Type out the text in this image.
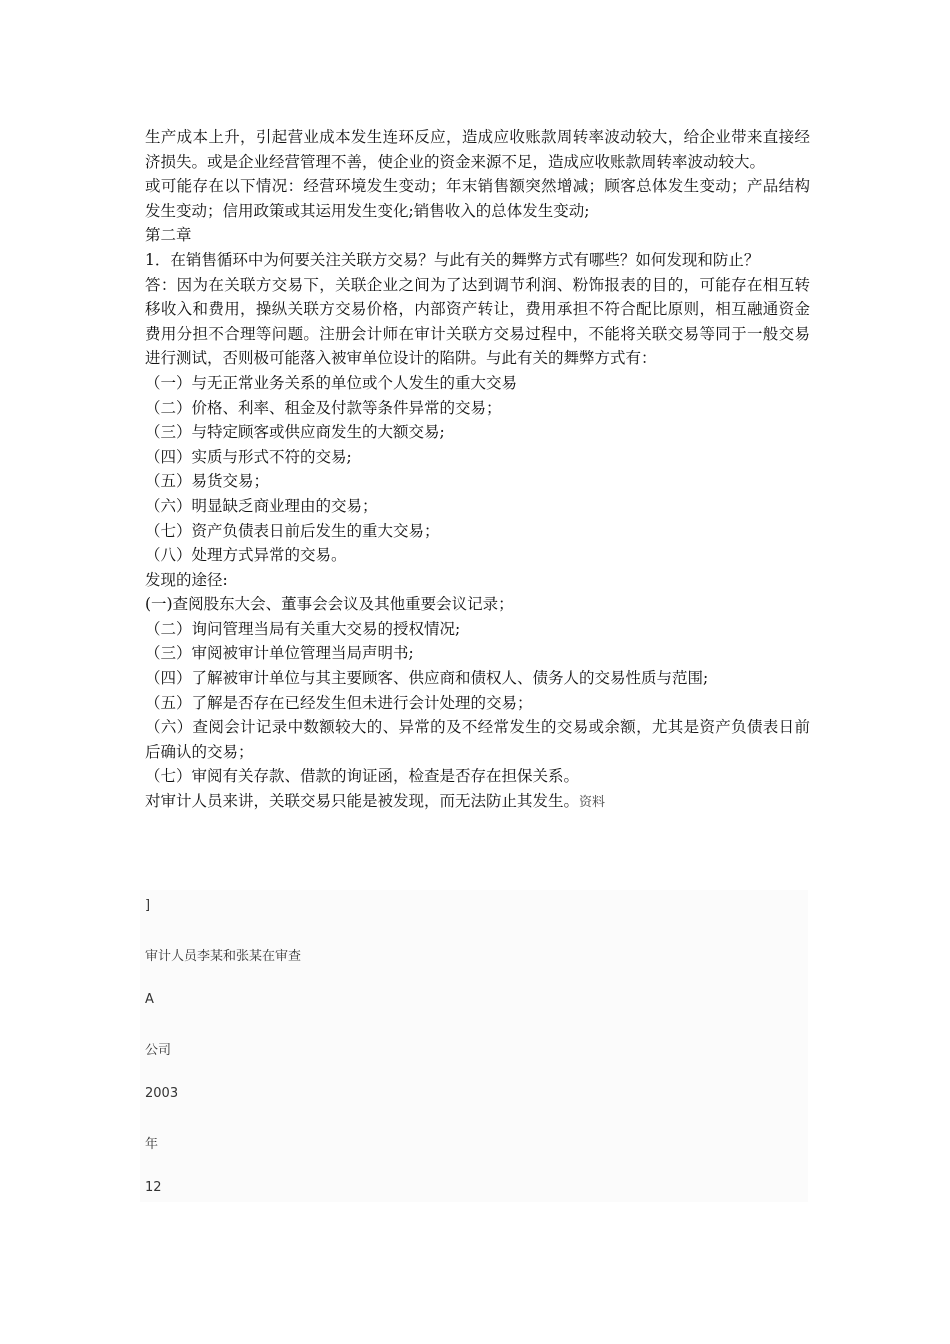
生产成本上升，引起营业成本发生连环反应，造成应收账款周转率波动较大，给企业带来直接经济损失。或是企业经营管理不善，使企业的资金来源不足，造成应收账款周转率波动较大。

或可能存在以下情况：经营环境发生变动；年末销售额突然增减；顾客总体发生变动；产品结构发生变动；信用政策或其运用发生变化;销售收入的总体发生变动;

第二章

1．在销售循环中为何要关注关联方交易？与此有关的舞弊方式有哪些？如何发现和防止？

答：因为在关联方交易下，关联企业之间为了达到调节利润、粉饰报表的目的，可能存在相互转移收入和费用，操纵关联方交易价格，内部资产转让，费用承担不符合配比原则，相互融通资金费用分担不合理等问题。注册会计师在审计关联方交易过程中，不能将关联交易等同于一般交易进行测试，否则极可能落入被审单位设计的陷阱。与此有关的舞弊方式有：

（一）与无正常业务关系的单位或个人发生的重大交易

（二）价格、利率、租金及付款等条件异常的交易；

（三）与特定顾客或供应商发生的大额交易;

（四）实质与形式不符的交易;

（五）易货交易；

（六）明显缺乏商业理由的交易；

（七）资产负债表日前后发生的重大交易；

（八）处理方式异常的交易。

发现的途径:

(一)查阅股东大会、董事会会议及其他重要会议记录；

（二）询问管理当局有关重大交易的授权情况;

（三）审阅被审计单位管理当局声明书;

（四）了解被审计单位与其主要顾客、供应商和债权人、债务人的交易性质与范围;

（五）了解是否存在已经发生但未进行会计处理的交易；

（六）查阅会计记录中数额较大的、异常的及不经常发生的交易或余额，尤其是资产负债表日前后确认的交易；

（七）审阅有关存款、借款的询证函，检查是否存在担保关系。

对审计人员来讲，关联交易只能是被发现，而无法防止其发生。资料

]
审计人员李某和张某在审查
A
公司
2003
年
12
